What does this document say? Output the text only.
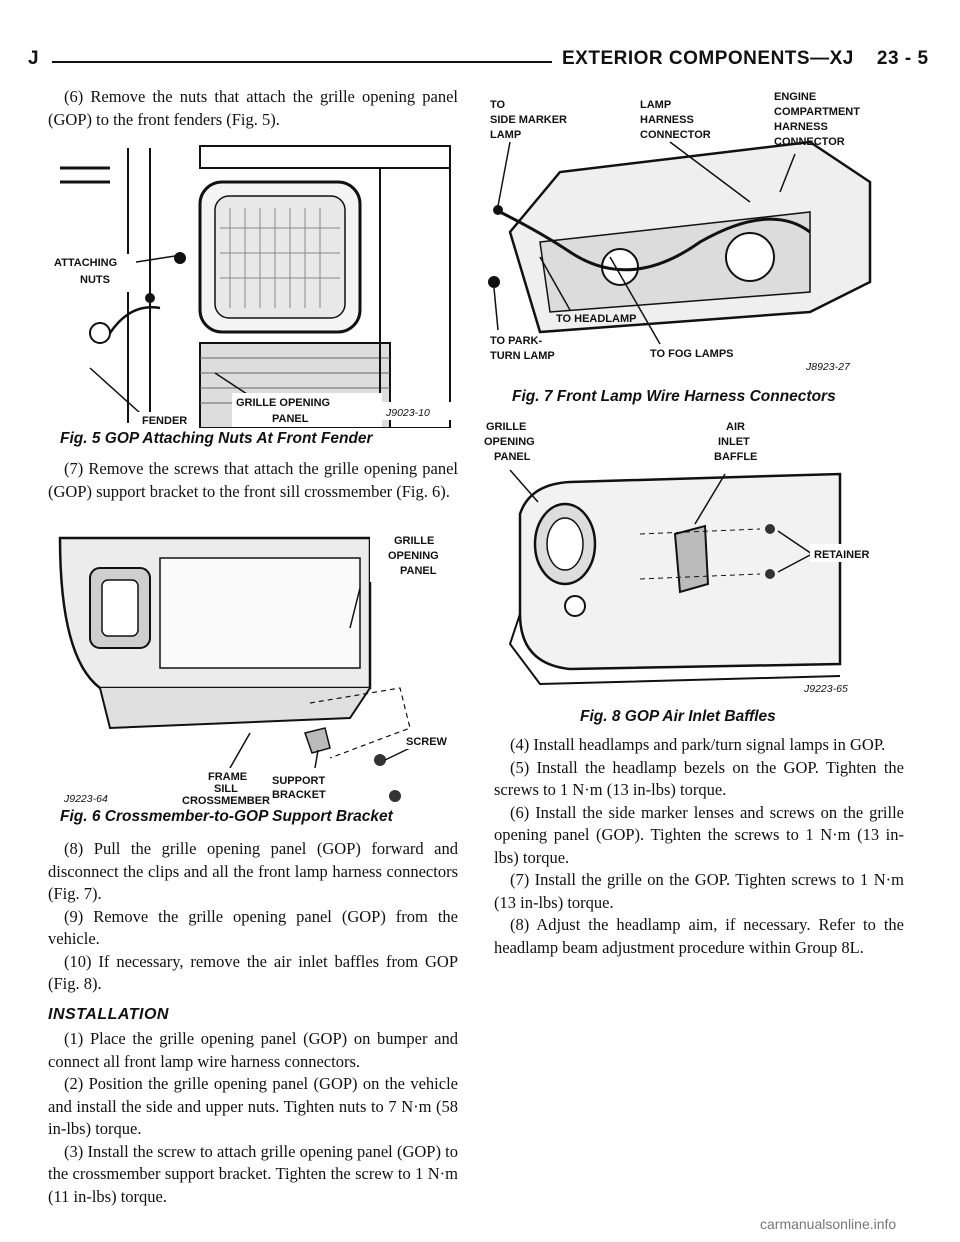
J	EXTERIOR COMPONENTS—XJ    23 - 5

(6) Remove the nuts that attach the grille opening panel (GOP) to the front fenders (Fig. 5).

ATTACHING
NUTS
FENDER
GRILLE OPENING
PANEL	J9023-10
Fig. 5 GOP Attaching Nuts At Front Fender

(7) Remove the screws that attach the grille opening panel (GOP) support bracket to the front sill crossmember (Fig. 6).

GRILLE
OPENING
PANEL
SCREW
FRAME
SILL
CROSSMEMBER
SUPPORT
BRACKET
J9223-64
Fig. 6 Crossmember-to-GOP Support Bracket

(8) Pull the grille opening panel (GOP) forward and disconnect the clips and all the front lamp harness connectors (Fig. 7).

(9) Remove the grille opening panel (GOP) from the vehicle.

(10) If necessary, remove the air inlet baffles from GOP (Fig. 8).

INSTALLATION

(1) Place the grille opening panel (GOP) on bumper and connect all front lamp wire harness connectors.

(2) Position the grille opening panel (GOP) on the vehicle and install the side and upper nuts. Tighten nuts to 7 N·m (58 in-lbs) torque.

(3) Install the screw to attach grille opening panel (GOP) to the crossmember support bracket. Tighten the screw to 1 N·m (11 in-lbs) torque.

TO
SIDE MARKER
LAMP
LAMP
HARNESS
CONNECTOR
ENGINE
COMPARTMENT
HARNESS
CONNECTOR
TO HEADLAMP
TO PARK-
TURN LAMP	TO FOG LAMPS
J8923-27
Fig. 7 Front Lamp Wire Harness Connectors
GRILLE
OPENING
PANEL
AIR
INLET
BAFFLE
RETAINER
J9223-65
Fig. 8 GOP Air Inlet Baffles

(4) Install headlamps and park/turn signal lamps in GOP.

(5) Install the headlamp bezels on the GOP. Tighten the screws to 1 N·m (13 in-lbs) torque.

(6) Install the side marker lenses and screws on the grille opening panel (GOP). Tighten the screws to 1 N·m (13 in-lbs) torque.

(7) Install the grille on the GOP. Tighten screws to 1 N·m (13 in-lbs) torque.

(8) Adjust the headlamp aim, if necessary. Refer to the headlamp beam adjustment procedure within Group 8L.

carmanualsonline.info
